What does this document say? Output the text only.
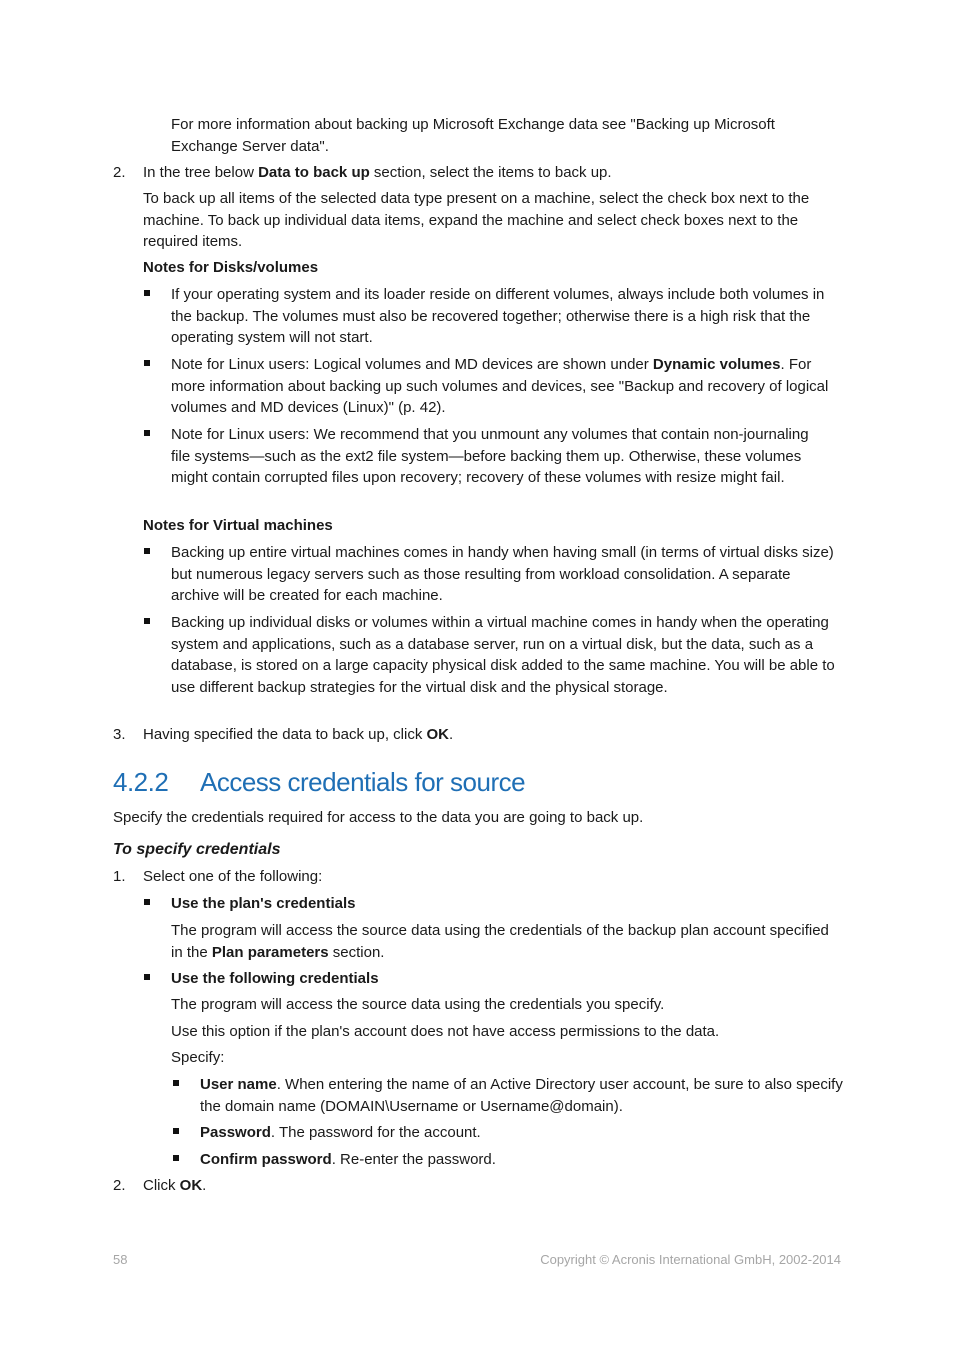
For more information about backing up Microsoft Exchange data see "Backing up Microsoft Exchange Server data".
2. In the tree below Data to back up section, select the items to back up.
To back up all items of the selected data type present on a machine, select the check box next to the machine. To back up individual data items, expand the machine and select check boxes next to the required items.
Notes for Disks/volumes
If your operating system and its loader reside on different volumes, always include both volumes in the backup. The volumes must also be recovered together; otherwise there is a high risk that the operating system will not start.
Note for Linux users: Logical volumes and MD devices are shown under Dynamic volumes. For more information about backing up such volumes and devices, see "Backup and recovery of logical volumes and MD devices (Linux)" (p. 42).
Note for Linux users: We recommend that you unmount any volumes that contain non-journaling file systems—such as the ext2 file system—before backing them up. Otherwise, these volumes might contain corrupted files upon recovery; recovery of these volumes with resize might fail.
Notes for Virtual machines
Backing up entire virtual machines comes in handy when having small (in terms of virtual disks size) but numerous legacy servers such as those resulting from workload consolidation. A separate archive will be created for each machine.
Backing up individual disks or volumes within a virtual machine comes in handy when the operating system and applications, such as a database server, run on a virtual disk, but the data, such as a database, is stored on a large capacity physical disk added to the same machine. You will be able to use different backup strategies for the virtual disk and the physical storage.
3. Having specified the data to back up, click OK.
4.2.2 Access credentials for source
Specify the credentials required for access to the data you are going to back up.
To specify credentials
1. Select one of the following:
Use the plan's credentials
The program will access the source data using the credentials of the backup plan account specified in the Plan parameters section.
Use the following credentials
The program will access the source data using the credentials you specify.
Use this option if the plan's account does not have access permissions to the data.
Specify:
User name. When entering the name of an Active Directory user account, be sure to also specify the domain name (DOMAIN\Username or Username@domain).
Password. The password for the account.
Confirm password. Re-enter the password.
2. Click OK.
58	Copyright © Acronis International GmbH, 2002-2014
